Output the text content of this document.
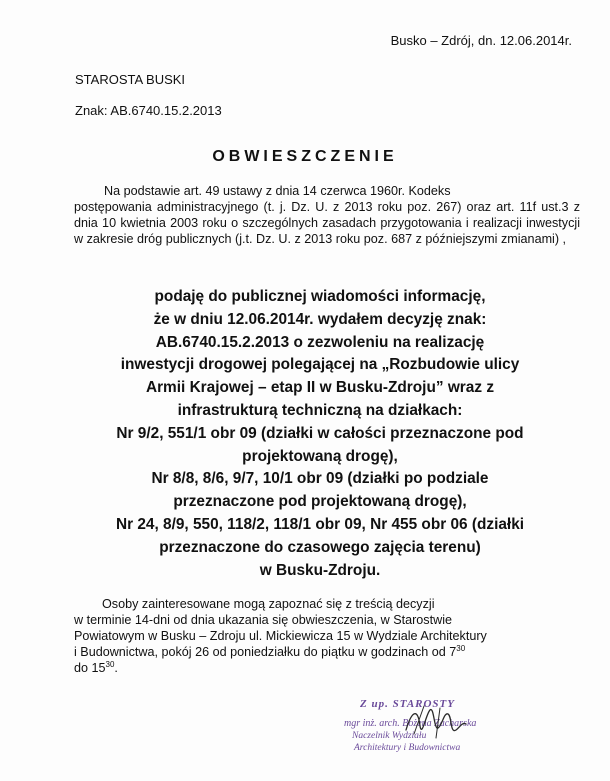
Busko – Zdrój, dn. 12.06.2014r.
STAROSTA BUSKI
Znak: AB.6740.15.2.2013
OBWIESZCZENIE
Na podstawie art. 49 ustawy z dnia 14 czerwca 1960r. Kodeks
postępowania administracyjnego (t. j. Dz. U. z 2013 roku poz. 267) oraz art. 11f ust.3 z dnia 10 kwietnia 2003 roku o szczególnych zasadach przygotowania i realizacji inwestycji w zakresie dróg publicznych (j.t. Dz. U. z 2013 roku poz. 687 z późniejszymi zmianami) ,
podaję do publicznej wiadomości informację,
że w dniu 12.06.2014r. wydałem decyzję znak:
AB.6740.15.2.2013 o zezwoleniu na realizację
inwestycji drogowej polegającej na „Rozbudowie ulicy
Armii Krajowej – etap II w Busku-Zdroju” wraz z
infrastrukturą techniczną na działkach:
Nr 9/2, 551/1 obr 09 (działki w całości przeznaczone pod
projektowaną drogę),
Nr 8/8, 8/6, 9/7, 10/1 obr 09 (działki po podziale
przeznaczone pod projektowaną drogę),
Nr 24, 8/9, 550, 118/2, 118/1 obr 09, Nr 455 obr 06 (działki
przeznaczone do czasowego zajęcia terenu)
w Busku-Zdroju.
Osoby zainteresowane mogą zapoznać się z treścią decyzji
w terminie 14-dni od dnia ukazania się obwieszczenia, w Starostwie
Powiatowym w Busku – Zdroju ul. Mickiewicza 15 w Wydziale Architektury
i Budownictwa, pokój 26 od poniedziałku do piątku w godzinach od $7^{30}$
do $15^{30}$.
Z up. STAROSTY
mgr inż. arch. Bożena Zacharska
Naczelnik Wydziału
Architektury i Budownictwa
